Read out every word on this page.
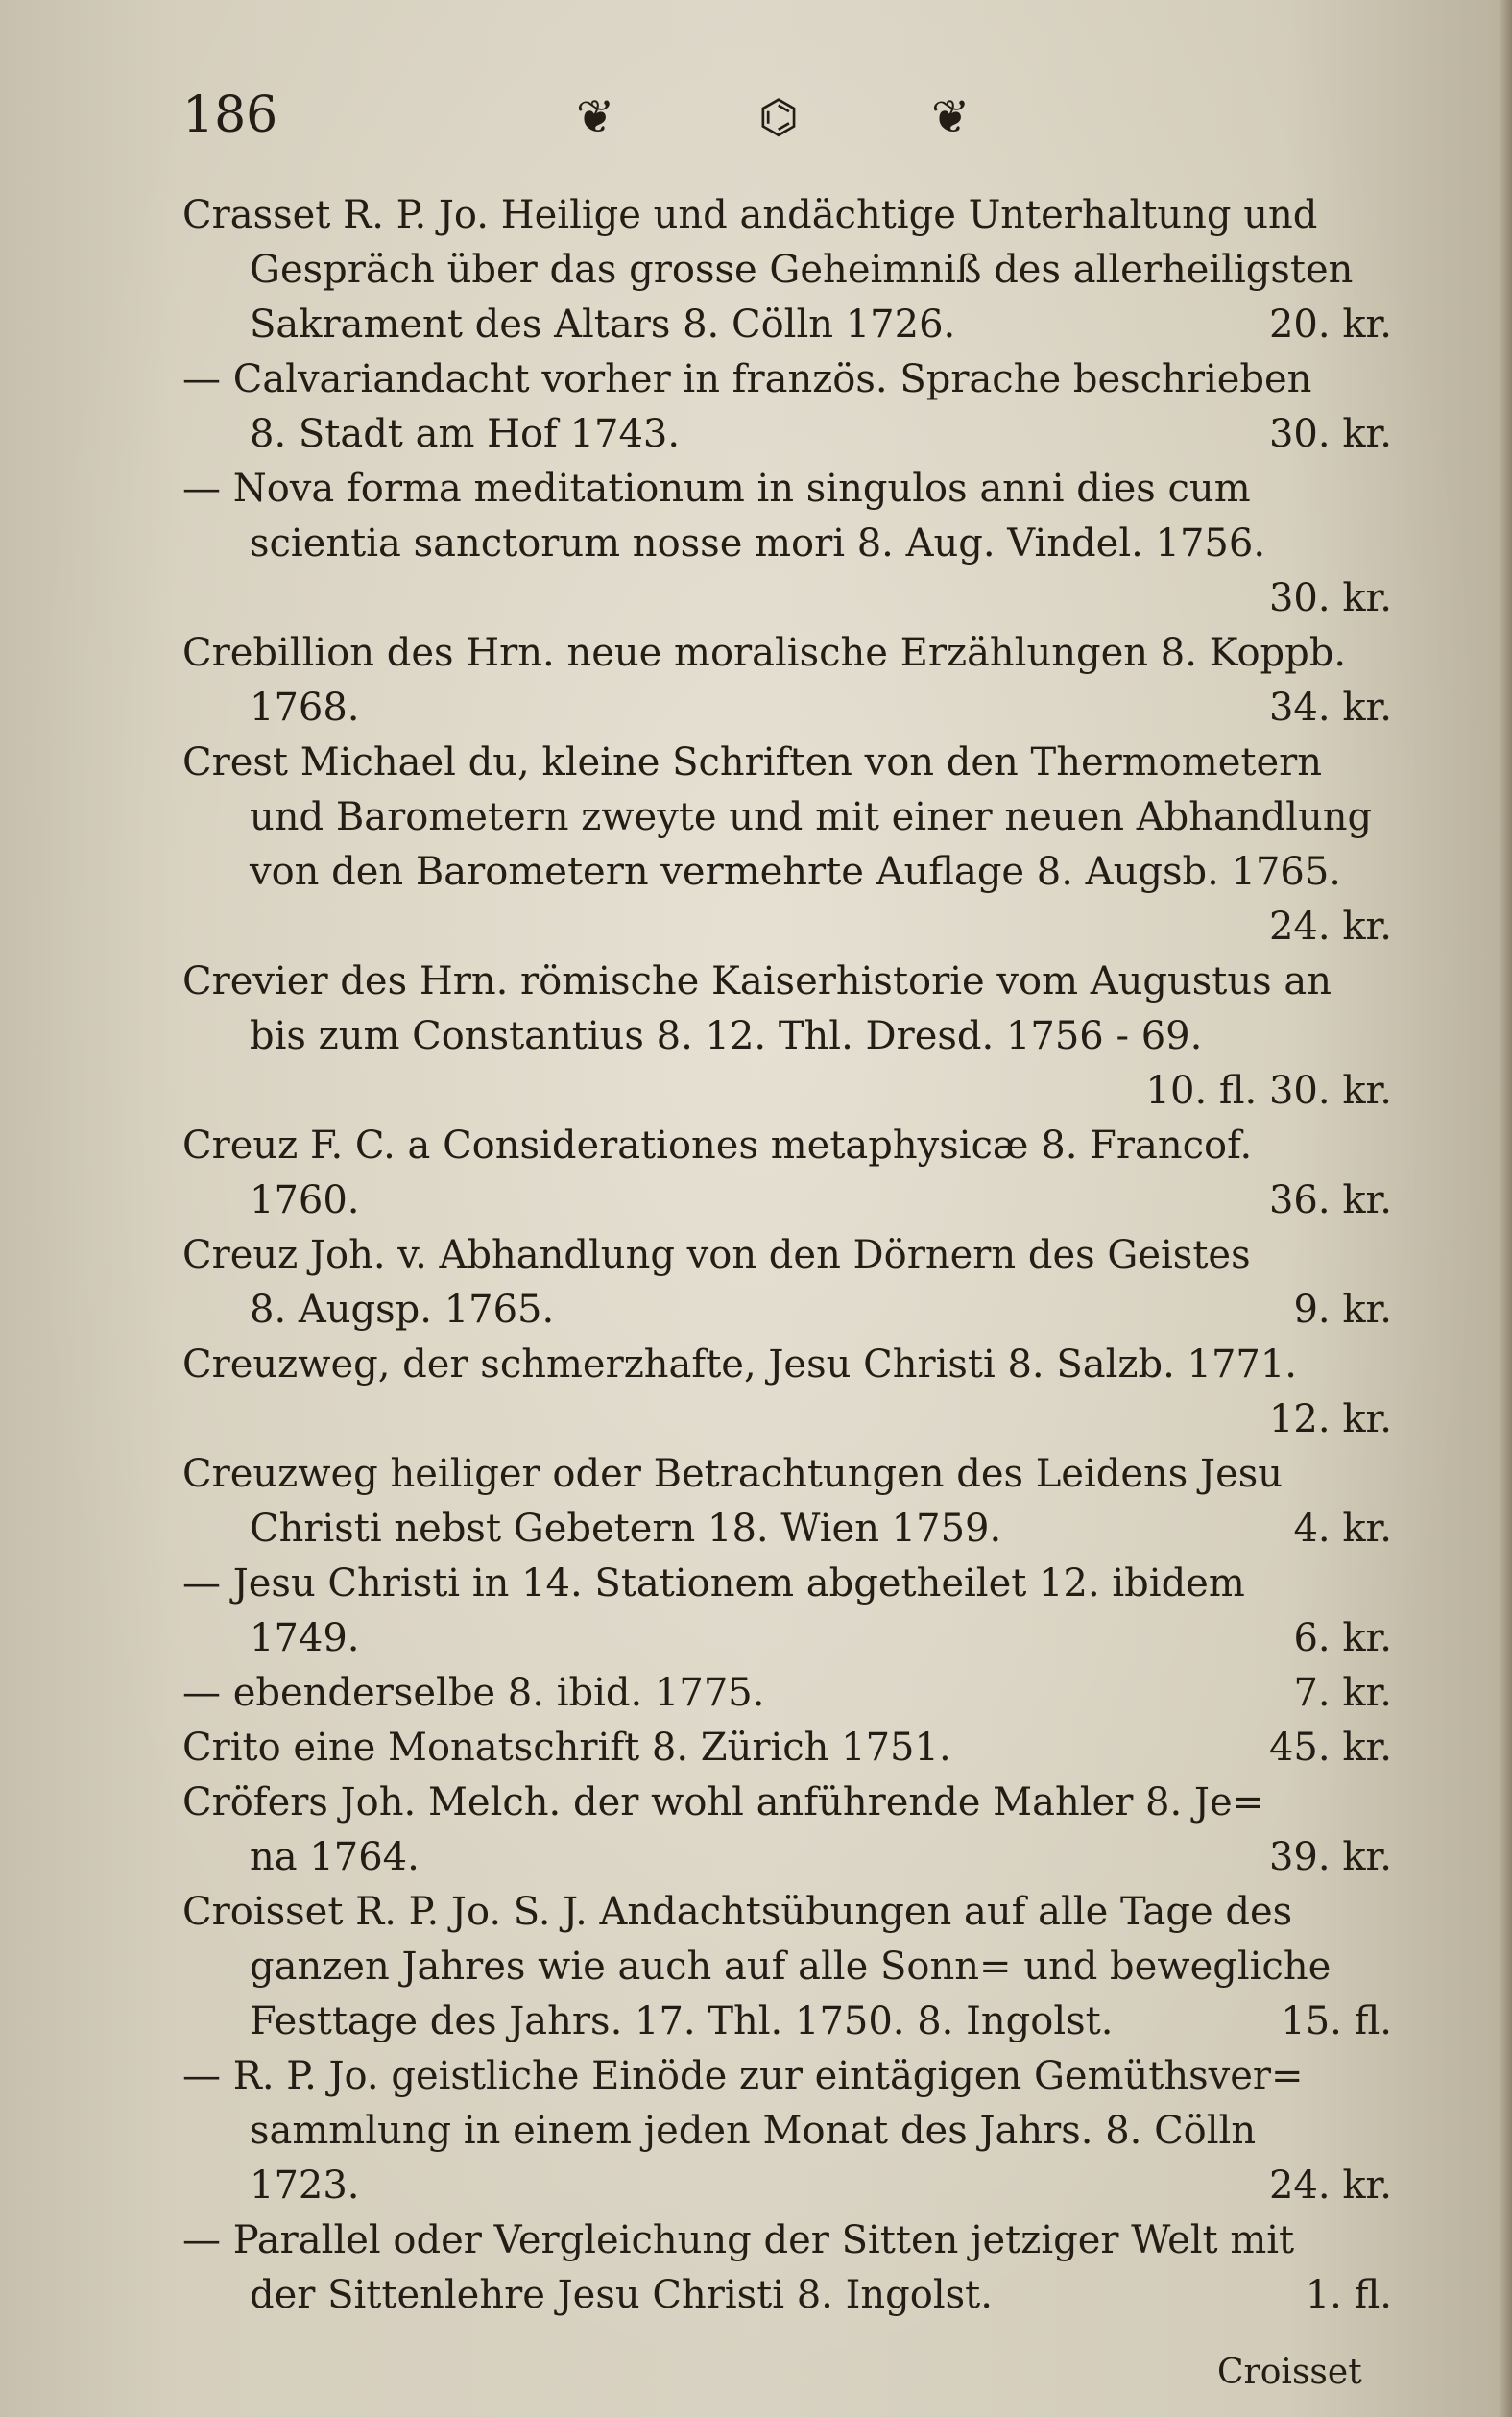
186	❦	⌬	❦
Crasset R. P. Jo. Heilige und andächtige Unterhaltung und
Gespräch über das grosse Geheimniß des allerheiligsten
Sakrament des Altars 8. Cölln 1726.	20. kr.
— Calvariandacht vorher in französ. Sprache beschrieben
8. Stadt am Hof 1743.	30. kr.
— Nova forma meditationum in singulos anni dies cum
scientia sanctorum nosse mori 8. Aug. Vindel. 1756.
30. kr.
Crebillion des Hrn. neue moralische Erzählungen 8. Koppb.
1768.	34. kr.
Crest Michael du, kleine Schriften von den Thermometern
und Barometern zweyte und mit einer neuen Abhandlung
von den Barometern vermehrte Auflage 8. Augsb. 1765.
24. kr.
Crevier des Hrn. römische Kaiserhistorie vom Augustus an
bis zum Constantius 8. 12. Thl. Dresd. 1756 - 69.
10. fl. 30. kr.
Creuz F. C. a Considerationes metaphysicæ 8. Francof.
1760.	36. kr.
Creuz Joh. v. Abhandlung von den Dörnern des Geistes
8. Augsp. 1765.	9. kr.
Creuzweg, der schmerzhafte, Jesu Christi 8. Salzb. 1771.
12. kr.
Creuzweg heiliger oder Betrachtungen des Leidens Jesu
Christi nebst Gebetern 18. Wien 1759.	4. kr.
— Jesu Christi in 14. Stationem abgetheilet 12. ibidem
1749.	6. kr.
— ebenderselbe 8. ibid. 1775.	7. kr.
Crito eine Monatschrift 8. Zürich 1751.	45. kr.
Cröfers Joh. Melch. der wohl anführende Mahler 8. Je=
na 1764.	39. kr.
Croisset R. P. Jo. S. J. Andachtsübungen auf alle Tage des
ganzen Jahres wie auch auf alle Sonn= und bewegliche
Festtage des Jahrs. 17. Thl. 1750. 8. Ingolst.	15. fl.
— R. P. Jo. geistliche Einöde zur eintägigen Gemüthsver=
sammlung in einem jeden Monat des Jahrs. 8. Cölln
1723.	24. kr.
— Parallel oder Vergleichung der Sitten jetziger Welt mit
der Sittenlehre Jesu Christi 8. Ingolst.	1. fl.
Croisset
